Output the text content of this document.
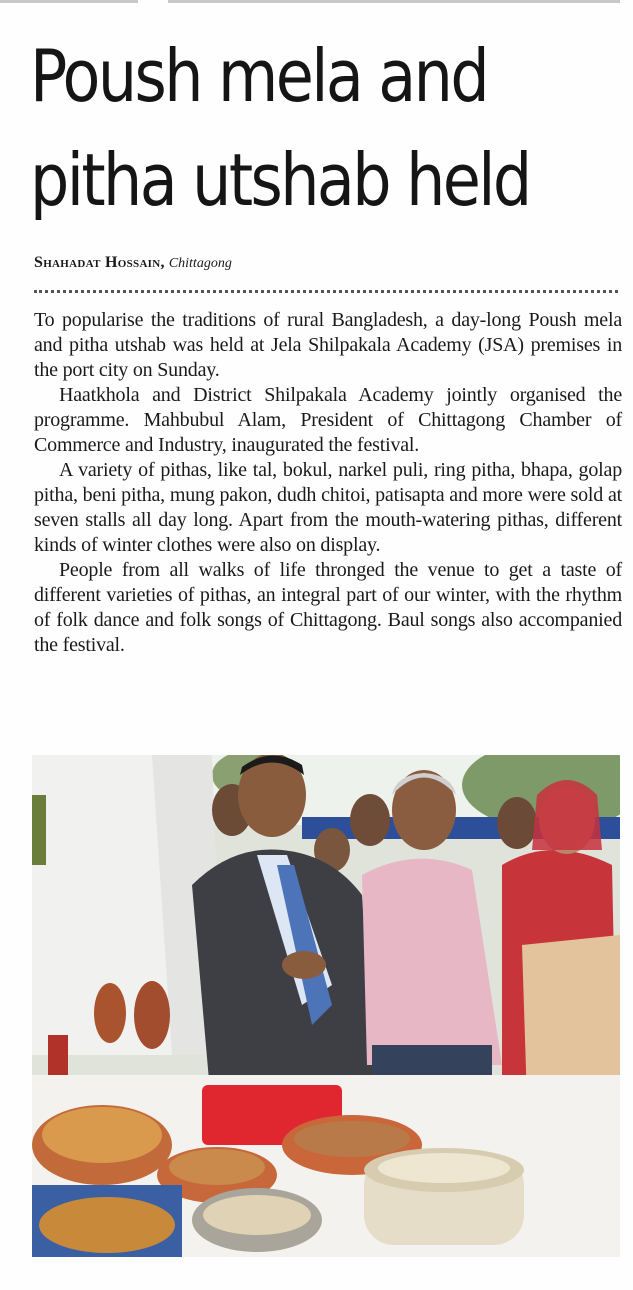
Poush mela and
pitha utshab held
Shahadat Hossain, Chittagong

To popularise the traditions of rural Bangladesh, a day-long Poush mela and pitha utshab was held at Jela Shilpakala Academy (JSA) premises in the port city on Sunday.

Haatkhola and District Shilpakala Academy jointly organised the programme. Mahbubul Alam, President of Chittagong Chamber of Commerce and Industry, inaugurated the festival.

A variety of pithas, like tal, bokul, narkel puli, ring pitha, bhapa, golap pitha, beni pitha, mung pakon, dudh chitoi, patisapta and more were sold at seven stalls all day long. Apart from the mouth-watering pithas, different kinds of winter clothes were also on display.

People from all walks of life thronged the venue to get a taste of different varieties of pithas, an integral part of our winter, with the rhythm of folk dance and folk songs of Chittagong. Baul songs also accompanied the festival.
